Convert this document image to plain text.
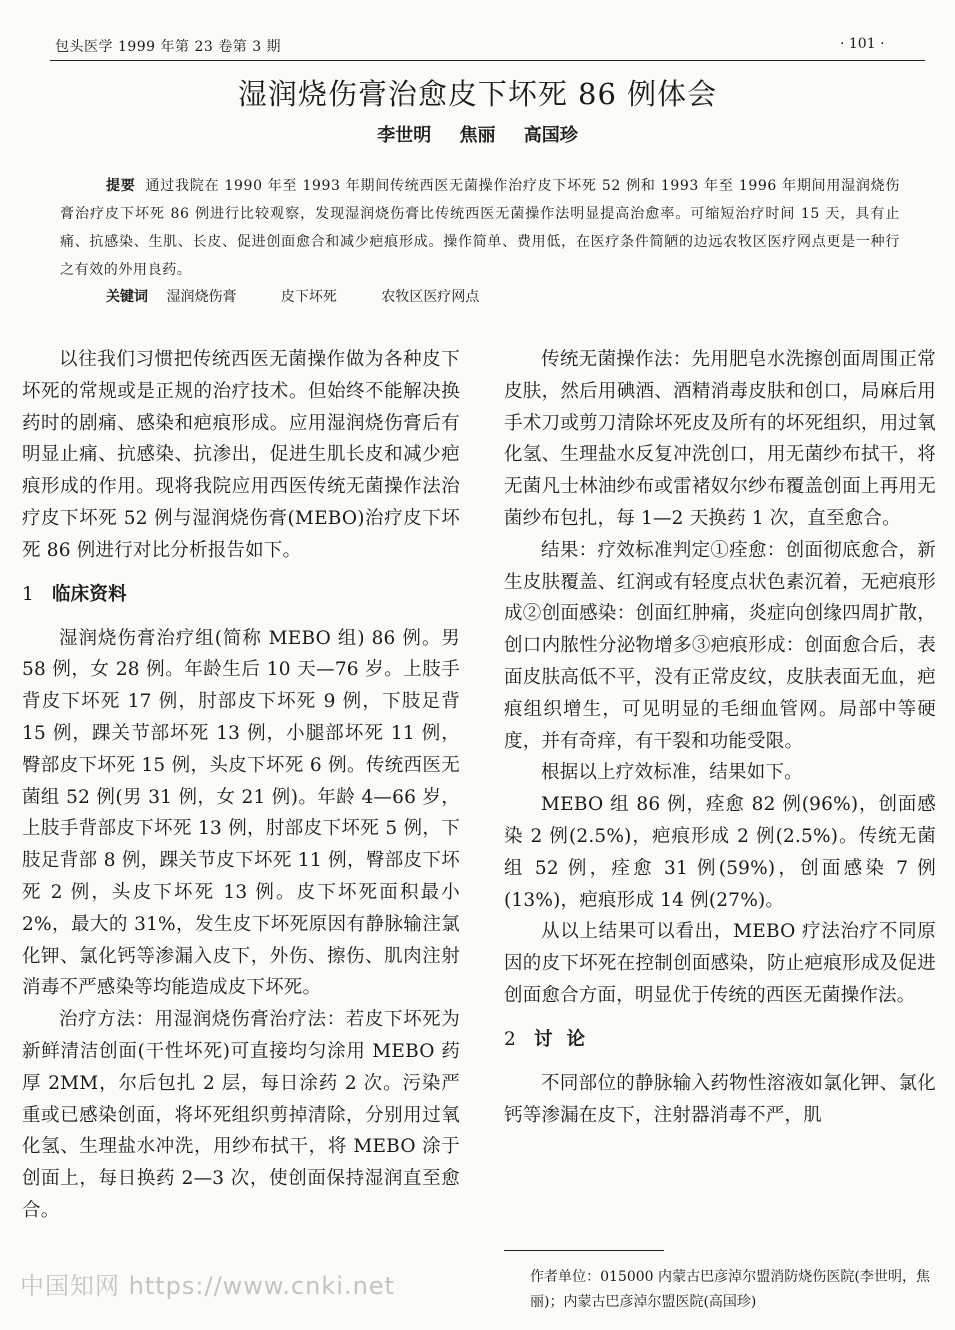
包头医学 1999 年第 23 卷第 3 期	· 101 ·
湿润烧伤膏治愈皮下坏死 86 例体会
李世明 焦丽 高国珍
提要 通过我院在 1990 年至 1993 年期间传统西医无菌操作治疗皮下坏死 52 例和 1993 年至 1996 年期间用湿润烧伤膏治疗皮下坏死 86 例进行比较观察，发现湿润烧伤膏比传统西医无菌操作法明显提高治愈率。可缩短治疗时间 15 天，具有止痛、抗感染、生肌、长皮、促进创面愈合和减少疤痕形成。操作简单、费用低，在医疗条件简陋的边远农牧区医疗网点更是一种行之有效的外用良药。
关键词 湿润烧伤膏	皮下坏死	农牧区医疗网点

以往我们习惯把传统西医无菌操作做为各种皮下坏死的常规或是正规的治疗技术。但始终不能解决换药时的剧痛、感染和疤痕形成。应用湿润烧伤膏后有明显止痛、抗感染、抗渗出，促进生肌长皮和减少疤痕形成的作用。现将我院应用西医传统无菌操作法治疗皮下坏死 52 例与湿润烧伤膏(MEBO)治疗皮下坏死 86 例进行对比分析报告如下。

1 临床资料

湿润烧伤膏治疗组(简称 MEBO 组) 86 例。男 58 例，女 28 例。年龄生后 10 天—76 岁。上肢手背皮下坏死 17 例，肘部皮下坏死 9 例，下肢足背 15 例，踝关节部坏死 13 例，小腿部坏死 11 例，臀部皮下坏死 15 例，头皮下坏死 6 例。传统西医无菌组 52 例(男 31 例，女 21 例)。年龄 4—66 岁，上肢手背部皮下坏死 13 例，肘部皮下坏死 5 例，下肢足背部 8 例，踝关节皮下坏死 11 例，臀部皮下坏死 2 例，头皮下坏死 13 例。皮下坏死面积最小 2%，最大的 31%，发生皮下坏死原因有静脉输注氯化钾、氯化钙等渗漏入皮下，外伤、擦伤、肌肉注射消毒不严感染等均能造成皮下坏死。

治疗方法：用湿润烧伤膏治疗法：若皮下坏死为新鲜清洁创面(干性坏死)可直接均匀涂用 MEBO 药厚 2MM，尔后包扎 2 层，每日涂药 2 次。污染严重或已感染创面，将坏死组织剪掉清除，分别用过氧化氢、生理盐水冲洗，用纱布拭干，将 MEBO 涂于创面上，每日换药 2—3 次，使创面保持湿润直至愈合。

传统无菌操作法：先用肥皂水洗擦创面周围正常皮肤，然后用碘酒、酒精消毒皮肤和创口，局麻后用手术刀或剪刀清除坏死皮及所有的坏死组织，用过氧化氢、生理盐水反复冲洗创口，用无菌纱布拭干，将无菌凡士林油纱布或雷褚奴尔纱布覆盖创面上再用无菌纱布包扎，每 1—2 天换药 1 次，直至愈合。

结果：疗效标准判定①痊愈：创面彻底愈合，新生皮肤覆盖、红润或有轻度点状色素沉着，无疤痕形成②创面感染：创面红肿痛，炎症向创缘四周扩散，创口内脓性分泌物增多③疤痕形成：创面愈合后，表面皮肤高低不平，没有正常皮纹，皮肤表面无血，疤痕组织增生，可见明显的毛细血管网。局部中等硬度，并有奇痒，有干裂和功能受限。

根据以上疗效标准，结果如下。

MEBO 组 86 例，痊愈 82 例(96%)，创面感染 2 例(2.5%)，疤痕形成 2 例(2.5%)。传统无菌组 52 例，痊愈 31 例(59%)，创面感染 7 例(13%)，疤痕形成 14 例(27%)。

从以上结果可以看出，MEBO 疗法治疗不同原因的皮下坏死在控制创面感染，防止疤痕形成及促进创面愈合方面，明显优于传统的西医无菌操作法。

2 讨论

不同部位的静脉输入药物性溶液如氯化钾、氯化钙等渗漏在皮下，注射器消毒不严，肌

作者单位：015000 内蒙古巴彦淖尔盟消防烧伤医院(李世明，焦丽)；内蒙古巴彦淖尔盟医院(高国珍)
中国知网 https://www.cnki.net
